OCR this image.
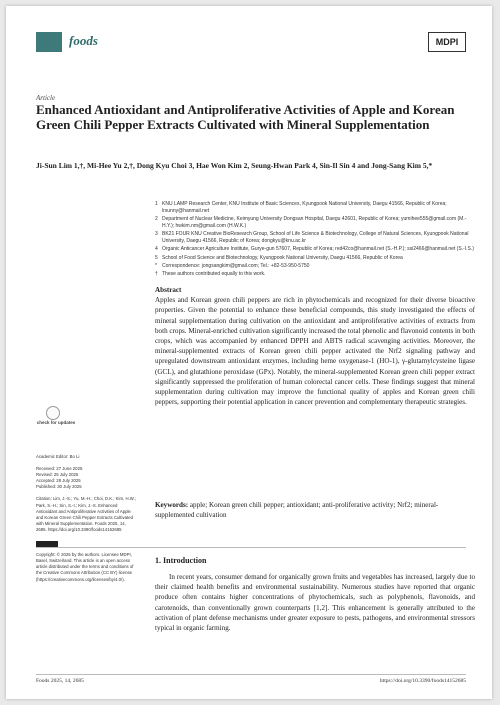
foods	MDPI
Article
Enhanced Antioxidant and Antiproliferative Activities of Apple and Korean Green Chili Pepper Extracts Cultivated with Mineral Supplementation
Ji-Sun Lim 1,†, Mi-Hee Yu 2,†, Dong Kyu Choi 3, Hae Won Kim 2, Seung-Hwan Park 4, Sin-Il Sin 4 and Jong-Sang Kim 5,*
1 KNU LAMP Research Center, KNU Institute of Basic Sciences, Kyungpook National University, Daegu 41566, Republic of Korea; lrsunny@hanmail.net
2 Department of Nuclear Medicine, Keimyung University Dongsan Hospital, Daegu 42601, Republic of Korea; yumihee555@gmail.com (M.-H.Y.); hwkim.nm@gmail.com (H.W.K.)
3 BK21 FOUR KNU Creative BioResearch Group, School of Life Science & Biotechnology, College of Natural Sciences, Kyungpook National University, Daegu 41566, Republic of Korea; dongkyu@knu.ac.kr
4 Organic Anticancer Agriculture Institute, Gurye-gun 57607, Republic of Korea; red42co@hanmail.net (S.-H.P.); ssi2466@hanmail.net (S.-I.S.)
5 School of Food Science and Biotechnology, Kyungpook National University, Daegu 41566, Republic of Korea
*	Correspondence: jongsangkim@gmail.com; Tel.: +82-53-950-5750
† These authors contributed equally to this work.
Abstract
Apples and Korean green chili peppers are rich in phytochemicals and recognized for their diverse bioactive properties. Given the potential to enhance these beneficial compounds, this study investigated the effects of mineral supplementation during cultivation on the antioxidant and antiproliferative activities of extracts from both crops. Mineral-enriched cultivation significantly increased the total phenolic and flavonoid contents in both crops, which was accompanied by enhanced DPPH and ABTS radical scavenging activities. Moreover, the mineral-supplemented extracts of Korean green chili pepper activated the Nrf2 signaling pathway and upregulated downstream antioxidant enzymes, including heme oxygenase-1 (HO-1), γ-glutamylcysteine ligase (GCL), and glutathione peroxidase (GPx). Notably, the mineral-supplemented Korean green chili pepper extract significantly suppressed the proliferation of human colorectal cancer cells. These findings suggest that mineral supplementation during cultivation may improve the functional quality of apples and Korean green chili peppers, supporting their potential application in cancer prevention and complementary therapeutic strategies.
check for updates
Academic Editor: Bo Li
Received: 27 June 2025
Revised: 25 July 2025
Accepted: 28 July 2025
Published: 30 July 2025
Citation: Lim, J.-S.; Yu, M.-H.; Choi, D.K.; Kim, H.W.; Park, S.-H.; Sin, S.-I.; Kim, J.-S. Enhanced Antioxidant and Antiproliferative Activities of Apple and Korean Green Chili Pepper Extracts Cultivated with Mineral Supplementation. Foods 2025, 14, 2685. https://doi.org/10.3390/foods14152685
Copyright: © 2025 by the authors. Licensee MDPI, Basel, Switzerland. This article is an open access article distributed under the terms and conditions of the Creative Commons Attribution (CC BY) license (https://creativecommons.org/licenses/by/4.0/).
Keywords: apple; Korean green chili pepper; antioxidant; anti-proliferative activity; Nrf2; mineral-supplemented cultivation
1. Introduction
In recent years, consumer demand for organically grown fruits and vegetables has increased, largely due to their claimed health benefits and environmental sustainability. Numerous studies have reported that organic produce often contains higher concentrations of phytochemicals, such as polyphenols, flavonoids, and carotenoids, than conventionally grown counterparts [1,2]. This enhancement is generally attributed to the activation of plant defense mechanisms under greater exposure to pests, pathogens, and environmental stressors typical in organic farming.
Foods 2025, 14, 2685	https://doi.org/10.3390/foods14152685
